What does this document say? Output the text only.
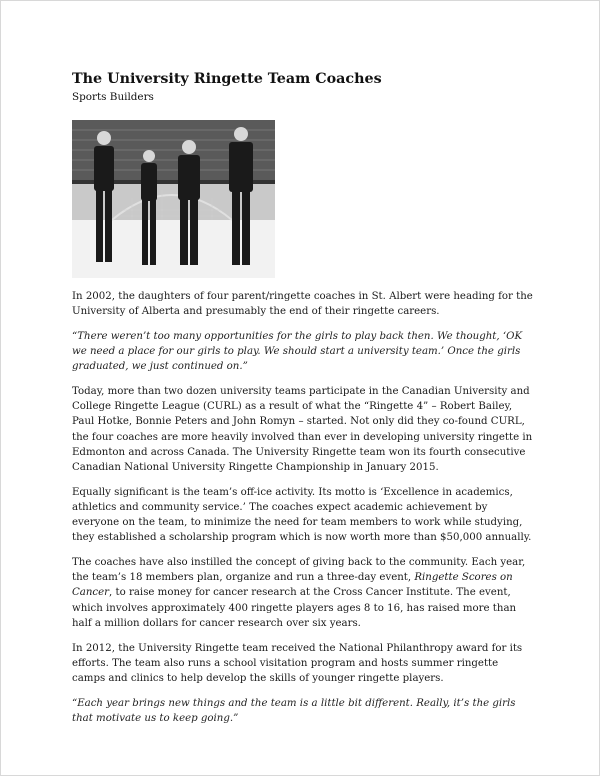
The University Ringette Team Coaches
Sports Builders

In 2002, the daughters of four parent/ringette coaches in St. Albert were heading for the University of Alberta and presumably the end of their ringette careers.

“There weren’t too many opportunities for the girls to play back then. We thought, ‘OK we need a place for our girls to play. We should start a university team.’ Once the girls graduated, we just continued on.”

Today, more than two dozen university teams participate in the Canadian University and College Ringette League (CURL) as a result of what the “Ringette 4” – Robert Bailey, Paul Hotke, Bonnie Peters and John Romyn – started. Not only did they co-found CURL, the four coaches are more heavily involved than ever in developing university ringette in Edmonton and across Canada. The University Ringette team won its fourth consecutive Canadian National University Ringette Championship in January 2015.

Equally significant is the team’s off-ice activity. Its motto is ‘Excellence in academics, athletics and community service.’ The coaches expect academic achievement by everyone on the team, to minimize the need for team members to work while studying, they established a scholarship program which is now worth more than $50,000 annually.

The coaches have also instilled the concept of giving back to the community. Each year, the team’s 18 members plan, organize and run a three-day event, Ringette Scores on Cancer, to raise money for cancer research at the Cross Cancer Institute. The event, which involves approximately 400 ringette players ages 8 to 16, has raised more than half a million dollars for cancer research over six years.

In 2012, the University Ringette team received the National Philanthropy award for its efforts. The team also runs a school visitation program and hosts summer ringette camps and clinics to help develop the skills of younger ringette players.

“Each year brings new things and the team is a little bit different. Really, it’s the girls that motivate us to keep going.”
